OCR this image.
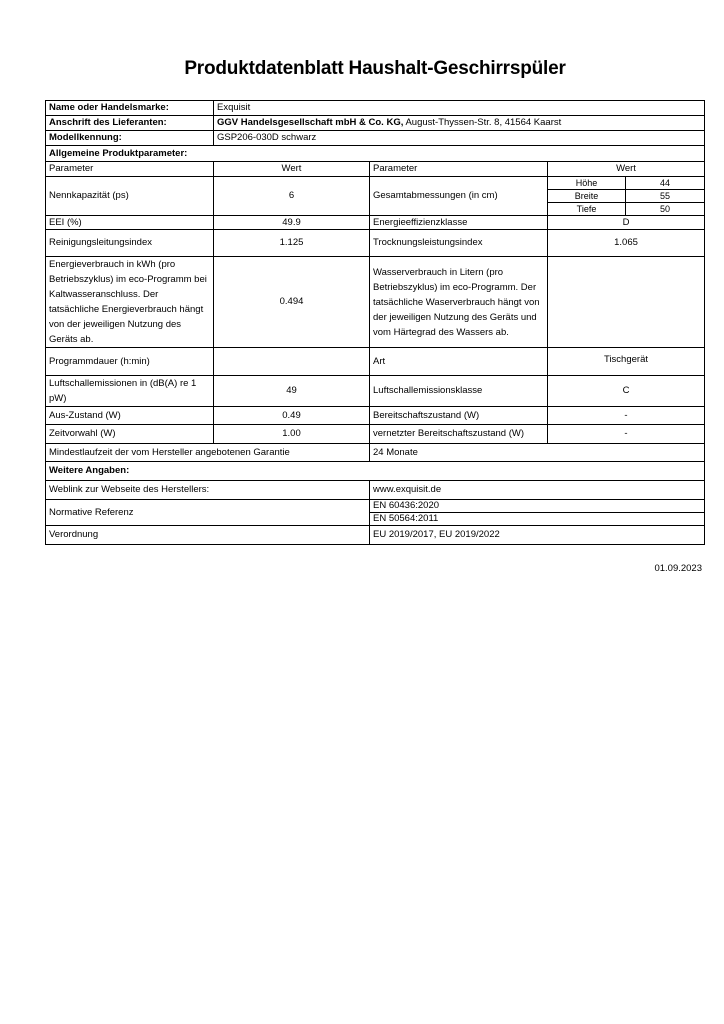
Produktdatenblatt Haushalt-Geschirrspüler
Name oder Handelsmarke:	Exquisit			
Anschrift des Lieferanten:	GGV Handelsgesellschaft mbH & Co. KG, August-Thyssen-Str. 8, 41564 Kaarst			
Modellkennung:	GSP206-030D schwarz			
Allgemeine Produktparameter:				
Parameter	Wert	Parameter	Wert	
Nennkapazität (ps)	6	Gesamtabmessungen (in cm)	Höhe	44
			Breite	55
			Tiefe	50
EEI (%)	49.9	Energieeffizienzklasse	D	
Reinigungsleitungsindex	1.125	Trocknungsleistungsindex	1.065	
Energieverbrauch in kWh (pro Betriebszyklus) im eco-Programm bei Kaltwasseranschluss. Der tatsächliche Energieverbrauch hängt von der jeweiligen Nutzung des Geräts ab.	0.494	Wasserverbrauch in Litern (pro Betriebszyklus) im eco-Programm. Der tatsächliche Waserverbrauch hängt von der jeweiligen Nutzung des Geräts und vom Härtegrad des Wassers ab.		
Programmdauer (h:min)		Art	Tischgerät	
Luftschallemissionen in (dB(A) re 1 pW)	49	Luftschallemissionsklasse	C	
Aus-Zustand (W)	0.49	Bereitschaftszustand (W)	-	
Zeitvorwahl (W)	1.00	vernetzter Bereitschaftszustand (W)	-	
Mindestlaufzeit der vom Hersteller angebotenen Garantie		24 Monate		
Weitere Angaben:				
Weblink zur Webseite des Herstellers:		www.exquisit.de		
Normative Referenz		EN 60436:2020		
		EN 50564:2011		
Verordnung		EU 2019/2017, EU 2019/2022		
01.09.2023
